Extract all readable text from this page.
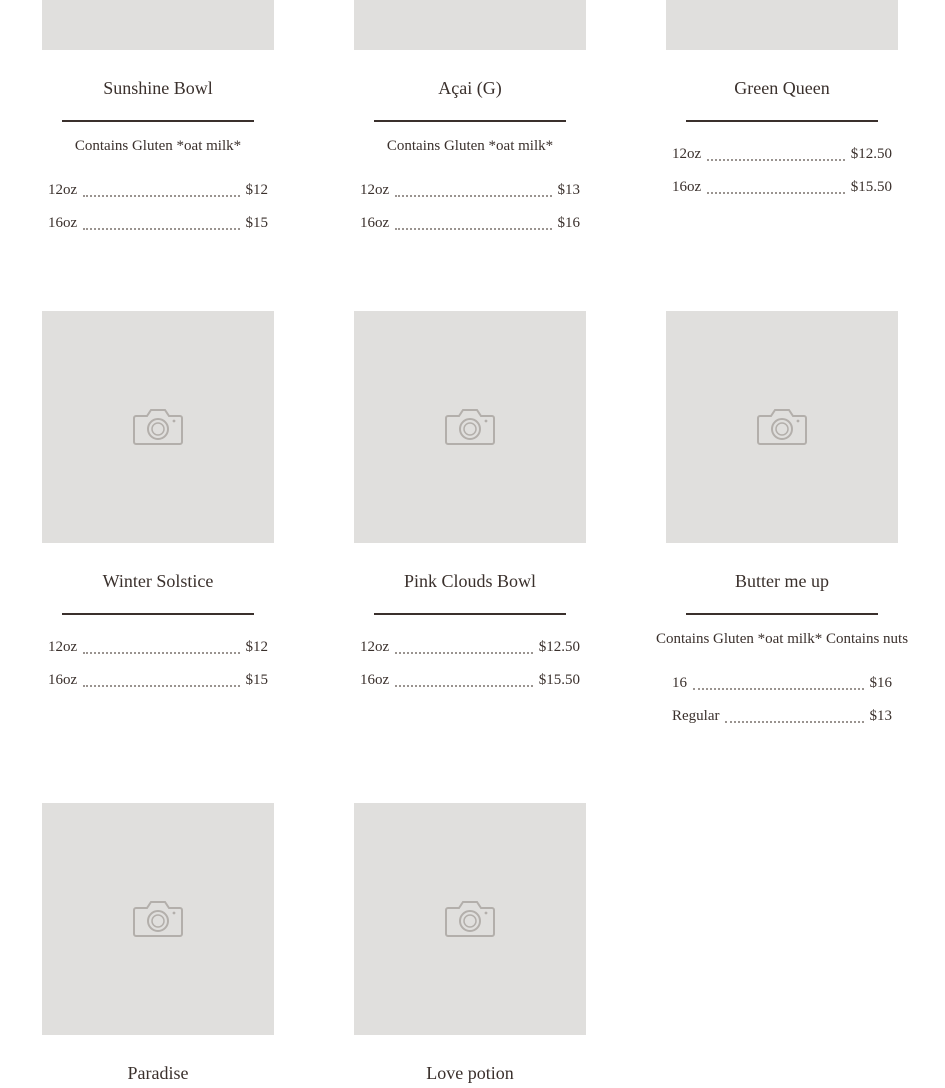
Sunshine Bowl
Contains Gluten *oat milk*
12oz	$12
16oz	$15
Açai (G)
Contains Gluten *oat milk*
12oz	$13
16oz	$16
Green Queen
12oz	$12.50
16oz	$15.50
Winter Solstice
12oz	$12
16oz	$15
Pink Clouds Bowl
12oz	$12.50
16oz	$15.50
Butter me up
Contains Gluten *oat milk* Contains nuts
16	$16
Regular	$13
Paradise	Love potion
